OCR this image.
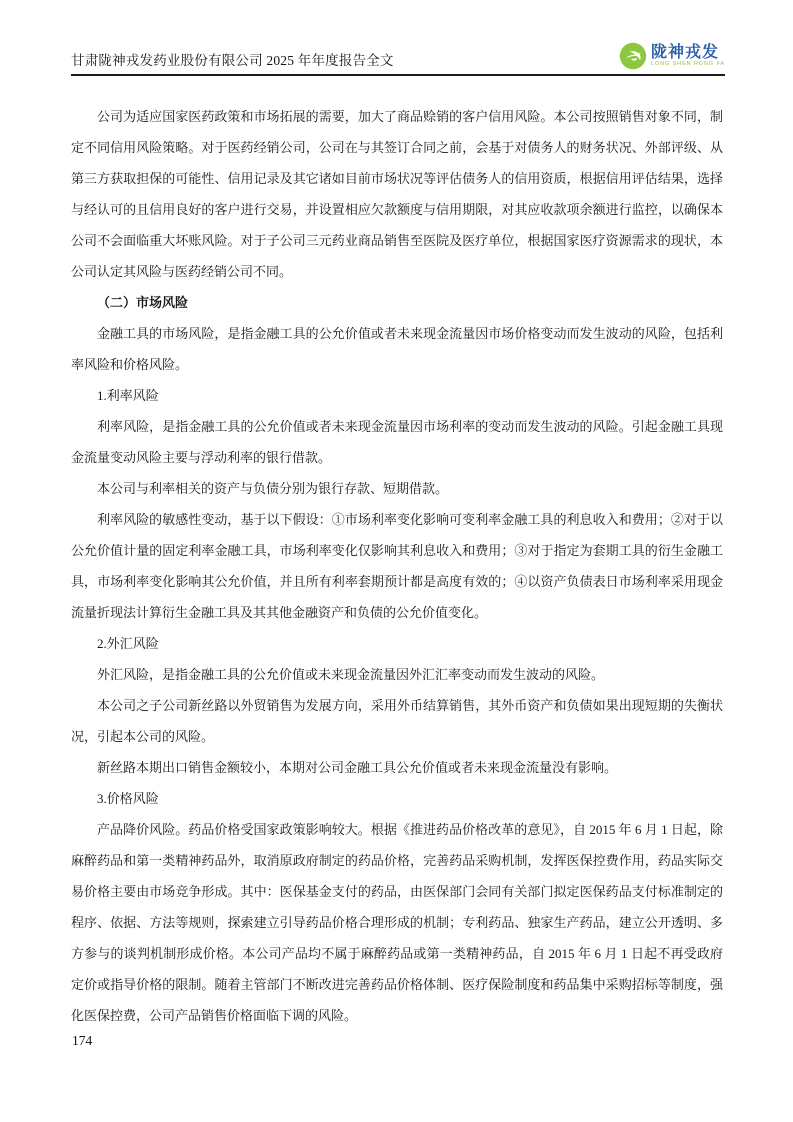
甘肃陇神戎发药业股份有限公司 2025 年年度报告全文	陇神戎发
LONG SHEN RONG FA

公司为适应国家医药政策和市场拓展的需要，加大了商品赊销的客户信用风险。本公司按照销售对象不同，制定不同信用风险策略。对于医药经销公司，公司在与其签订合同之前，会基于对债务人的财务状况、外部评级、从第三方获取担保的可能性、信用记录及其它诸如目前市场状况等评估债务人的信用资质，根据信用评估结果，选择与经认可的且信用良好的客户进行交易，并设置相应欠款额度与信用期限，对其应收款项余额进行监控，以确保本公司不会面临重大坏账风险。对于子公司三元药业商品销售至医院及医疗单位，根据国家医疗资源需求的现状，本公司认定其风险与医药经销公司不同。

（二）市场风险

金融工具的市场风险，是指金融工具的公允价值或者未来现金流量因市场价格变动而发生波动的风险，包括利率风险和价格风险。

1.利率风险

利率风险，是指金融工具的公允价值或者未来现金流量因市场利率的变动而发生波动的风险。引起金融工具现金流量变动风险主要与浮动利率的银行借款。

本公司与利率相关的资产与负债分别为银行存款、短期借款。

利率风险的敏感性变动，基于以下假设：①市场利率变化影响可变利率金融工具的利息收入和费用；②对于以公允价值计量的固定利率金融工具，市场利率变化仅影响其利息收入和费用；③对于指定为套期工具的衍生金融工具，市场利率变化影响其公允价值，并且所有利率套期预计都是高度有效的；④以资产负债表日市场利率采用现金流量折现法计算衍生金融工具及其其他金融资产和负债的公允价值变化。

2.外汇风险

外汇风险，是指金融工具的公允价值或未来现金流量因外汇汇率变动而发生波动的风险。

本公司之子公司新丝路以外贸销售为发展方向，采用外币结算销售，其外币资产和负债如果出现短期的失衡状况，引起本公司的风险。

新丝路本期出口销售金额较小，本期对公司金融工具公允价值或者未来现金流量没有影响。

3.价格风险

产品降价风险。药品价格受国家政策影响较大。根据《推进药品价格改革的意见》，自 2015 年 6 月 1 日起，除麻醉药品和第一类精神药品外，取消原政府制定的药品价格，完善药品采购机制，发挥医保控费作用，药品实际交易价格主要由市场竞争形成。其中：医保基金支付的药品，由医保部门会同有关部门拟定医保药品支付标准制定的程序、依据、方法等规则，探索建立引导药品价格合理形成的机制；专利药品、独家生产药品，建立公开透明、多方参与的谈判机制形成价格。本公司产品均不属于麻醉药品或第一类精神药品，自 2015 年 6 月 1 日起不再受政府定价或指导价格的限制。随着主管部门不断改进完善药品价格体制、医疗保险制度和药品集中采购招标等制度，强化医保控费，公司产品销售价格面临下调的风险。

174
